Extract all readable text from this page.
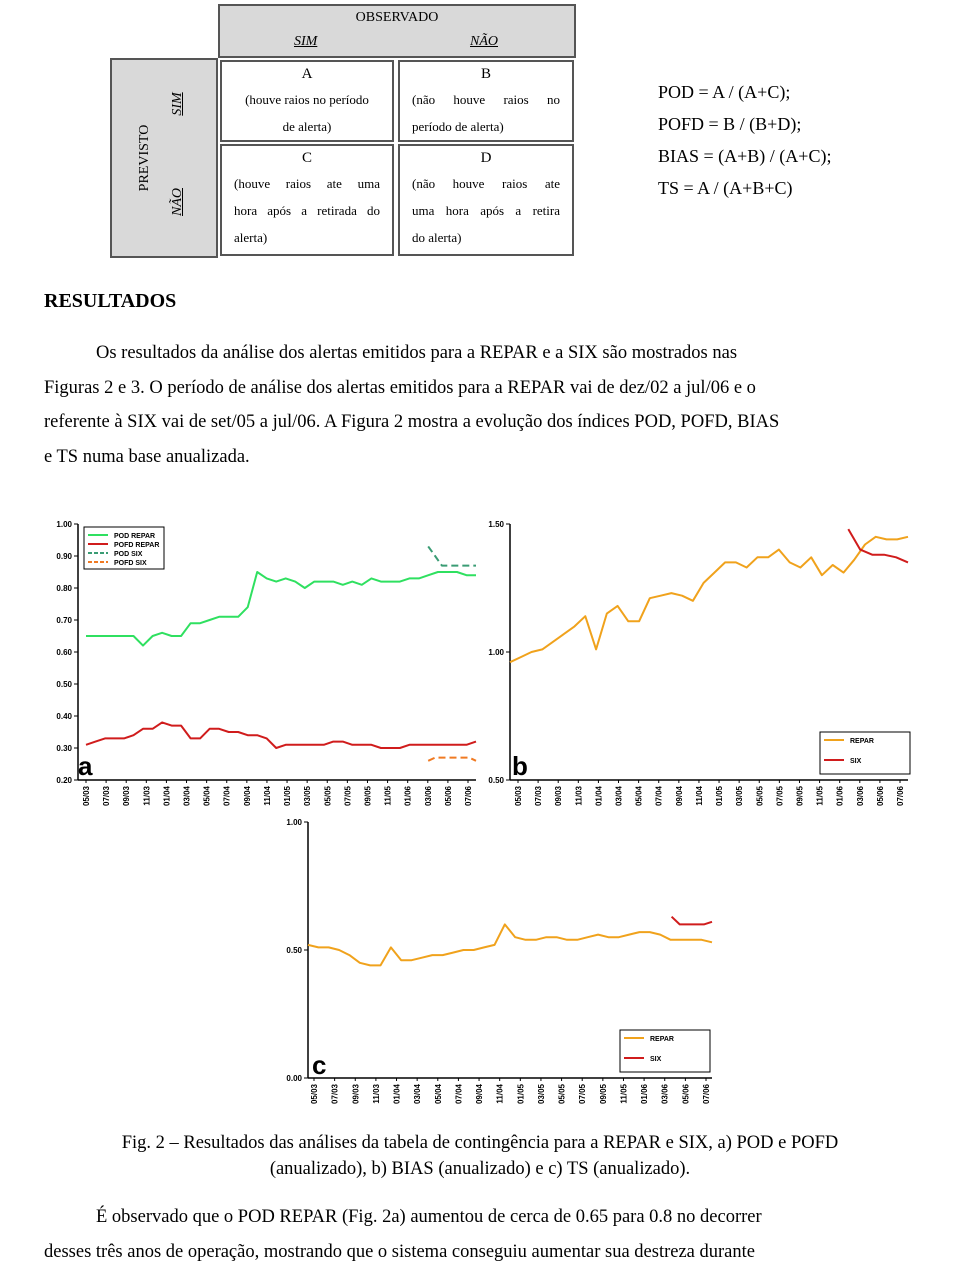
OBSERVADO
SIM	NÃO
PREVISTO
SIM
NÃO
A
(houve raios no período
de alerta)
B
(não houve raios no
período de alerta)
C
(houve raios ate uma
hora após a retirada do
alerta)
D
(não houve raios ate
uma hora após a retira
do alerta)
POD = A / (A+C);
POFD = B / (B+D);
BIAS = (A+B) / (A+C);
TS = A / (A+B+C)
RESULTADOS
Os resultados da análise dos alertas emitidos para a REPAR e a SIX são mostrados nas
Figuras 2 e 3. O período de análise dos alertas emitidos para a REPAR vai de dez/02 a jul/06 e o
referente à SIX vai de set/05 a jul/06. A Figura 2 mostra a evolução dos índices POD, POFD, BIAS
e TS numa base anualizada.
0.20
0.30
0.40
0.50
0.60
0.70
0.80
0.90
1.00
05/03 07/03 09/03 11/03 01/04 03/04 05/04 07/04 09/04 11/04 01/05 03/05 05/05 07/05 09/05 11/05 01/06 03/06 05/06 07/06
POD REPAR
POFD REPAR
POD SIX
POFD SIX
a	0.50
1.00
1.50
05/03 07/03 09/03 11/03 01/04 03/04 05/04 07/04 09/04 11/04 01/05 03/05 05/05 07/05 09/05 11/05 01/06 03/06 05/06 07/06
REPAR
SIX
b
0.00
0.50
1.00
05/03 07/03 09/03 11/03 01/04 03/04 05/04 07/04 09/04 11/04 01/05 03/05 05/05 07/05 09/05 11/05 01/06 03/06 05/06 07/06
REPAR
SIX
c
Fig. 2 – Resultados das análises da tabela de contingência para a REPAR e SIX, a) POD e POFD
(anualizado), b) BIAS (anualizado) e c) TS (anualizado).
É observado que o POD REPAR (Fig. 2a) aumentou de cerca de 0.65 para 0.8 no decorrer
desses três anos de operação, mostrando que o sistema conseguiu aumentar sua destreza durante
